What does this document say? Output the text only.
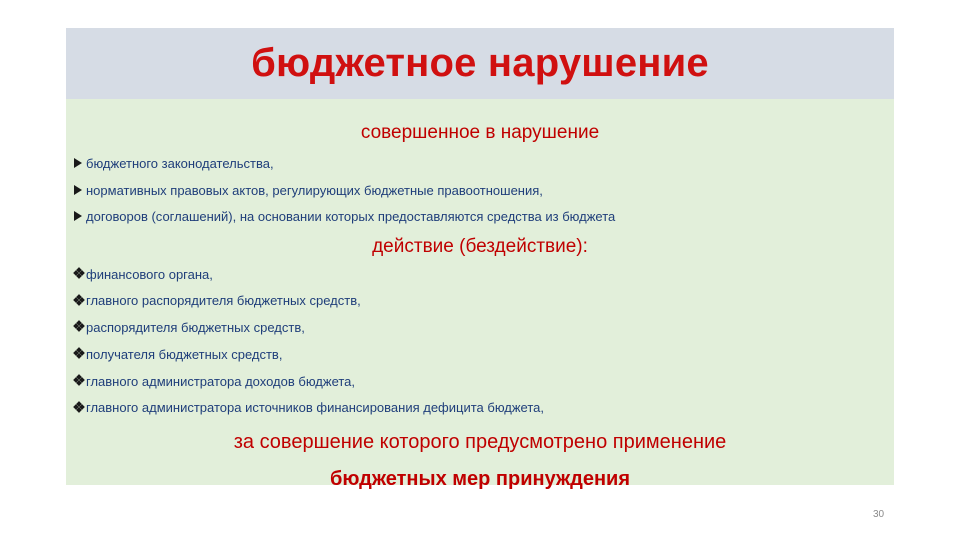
бюджетное нарушение

совершенное в нарушение

бюджетного законодательства,
нормативных правовых актов, регулирующих бюджетные правоотношения,
договоров (соглашений), на основании которых предоставляются средства из бюджета

действие (бездействие):

финансового органа,
главного распорядителя бюджетных средств,
распорядителя бюджетных средств,
получателя бюджетных средств,
главного администратора доходов бюджета,
главного администратора источников финансирования дефицита бюджета,

за совершение которого предусмотрено применение

бюджетных мер принуждения

30
